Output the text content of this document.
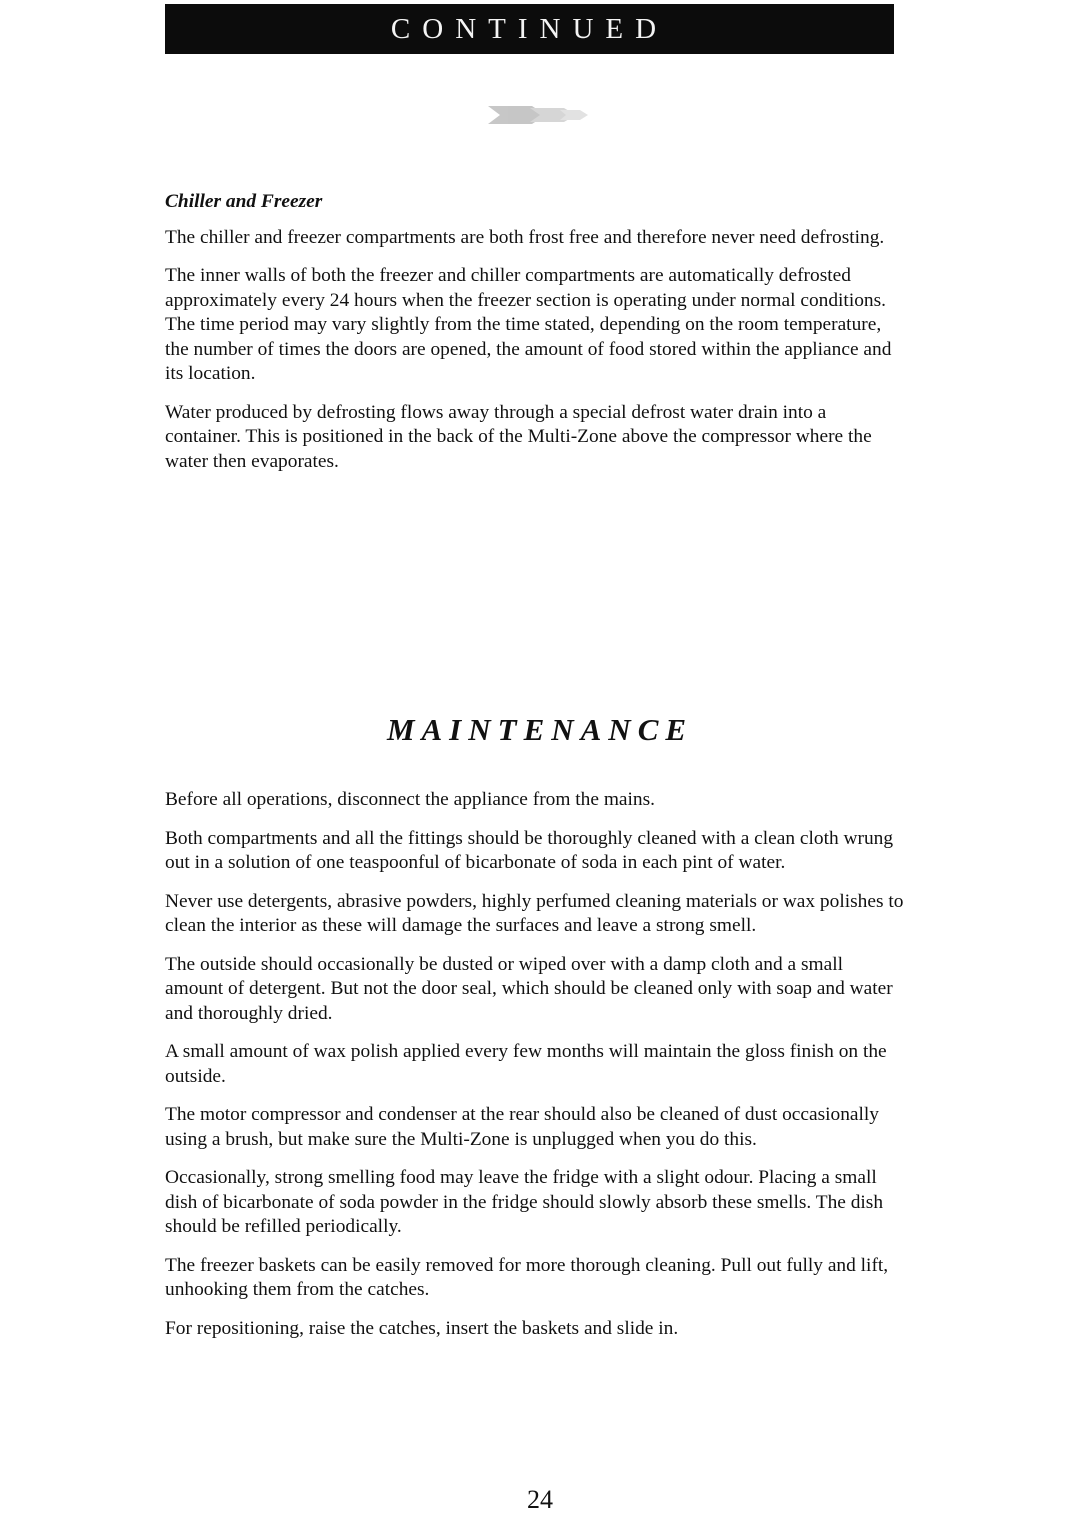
CONTINUED
Chiller and Freezer

The chiller and freezer compartments are both frost free and therefore never need defrosting.

The inner walls of both the freezer and chiller compartments are automatically defrosted approximately every 24 hours when the freezer section is operating under normal conditions. The time period may vary slightly from the time stated, depending on the room temperature, the number of times the doors are opened, the amount of food stored within the appliance and its location.

Water produced by defrosting flows away through a special defrost water drain into a container. This is positioned in the back of the Multi-Zone above the compressor where the water then evaporates.

MAINTENANCE

Before all operations, disconnect the appliance from the mains.

Both compartments and all the fittings should be thoroughly cleaned with a clean cloth wrung out in a solution of one teaspoonful of bicarbonate of soda in each pint of water.

Never use detergents, abrasive powders, highly perfumed cleaning materials or wax polishes to clean the interior as these will damage the surfaces and leave a strong smell.

The outside should occasionally be dusted or wiped over with a damp cloth and a small amount of detergent. But not the door seal, which should be cleaned only with soap and water and thoroughly dried.

A small amount of wax polish applied every few months will maintain the gloss finish on the outside.

The motor compressor and condenser at the rear should also be cleaned of dust occasionally using a brush, but make sure the Multi-Zone is unplugged when you do this.

Occasionally, strong smelling food may leave the fridge with a slight odour. Placing a small dish of bicarbonate of soda powder in the fridge should slowly absorb these smells. The dish should be refilled periodically.

The freezer baskets can be easily removed for more thorough cleaning. Pull out fully and lift, unhooking them from the catches.

For repositioning, raise the catches, insert the baskets and slide in.

24
